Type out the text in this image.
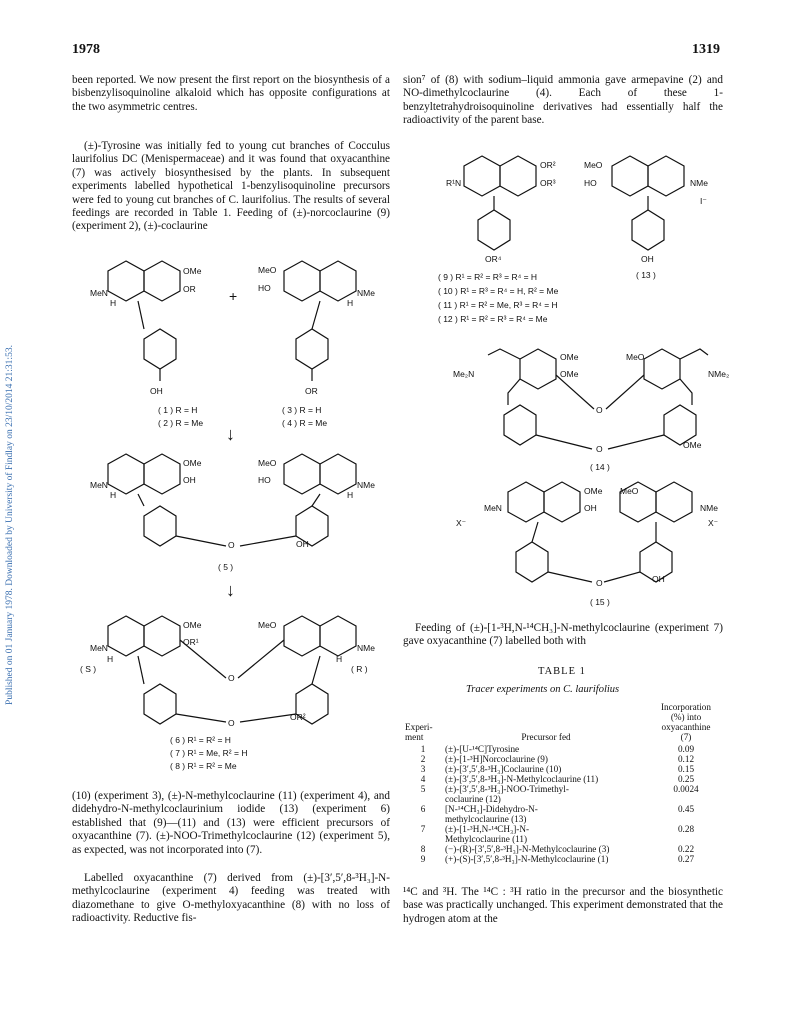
1978	1319
Published on 01 January 1978. Downloaded by University of Findlay on 23/10/2014 21:31:53.

been reported. We now present the first report on the biosynthesis of a bisbenzylisoquinoline alkaloid which has opposite configurations at the two asymmetric centres.

(±)-Tyrosine was initially fed to young cut branches of Cocculus laurifolius DC (Menispermaceae) and it was found that oxyacanthine (7) was actively biosynthesised by the plants. In subsequent experiments labelled hypothetical 1-benzylisoquinoline precursors were fed to young cut branches of C. laurifolius. The results of several feedings are recorded in Table 1. Feeding of (±)-norcoclaurine (9) (experiment 2), (±)-coclaurine

OMe
OR
MeN
H
OH
+
MeO
HO	NMe
H
OR
( 1 ) R = H
( 2 ) R = Me
( 3 ) R = H
( 4 ) R = Me
↓
OMe
OH
MeN
H
MeO
HO	NMe
H
O	OH
( 5 )
↓
OMe
OR¹
MeN
H
( S )
MeO
NMe
H
( R )
O
O
OR²
( 6 ) R¹ = R² = H
( 7 ) R¹ = Me, R² = H
( 8 ) R¹ = R² = Me

(10) (experiment 3), (±)-N-methylcoclaurine (11) (experiment 4), and didehydro-N-methylcoclaurinium iodide (13) (experiment 6) established that (9)—(11) and (13) were efficient precursors of oxyacanthine (7). (±)-NOO-Trimethylcoclaurine (12) (experiment 5), as expected, was not incorporated into (7).

Labelled oxyacanthine (7) derived from (±)-[3′,5′,8-³H₃]-N-methylcoclaurine (experiment 4) feeding was treated with diazomethane to give O-methyloxyacanthine (8) with no loss of radioactivity. Reductive fis-

sion⁷ of (8) with sodium–liquid ammonia gave armepavine (2) and NO-dimethylcoclaurine (4). Each of these 1-benzyltetrahydroisoquinoline derivatives had essentially half the radioactivity of the parent base.

OR²
OR³
R¹N
OR⁴
MeO
HO	NMe
I⁻
OH
( 9 ) R¹ = R² = R³ = R⁴ = H
( 10 ) R¹ = R³ = R⁴ = H, R² = Me
( 11 ) R¹ = R² = Me, R³ = R⁴ = H
( 12 ) R¹ = R² = R³ = R⁴ = Me
( 13 )
OMe
OMe
MeO
Me₂N	NMe₂
O
O	OMe
( 14 )
OMe
OH
MeO
MeN	NMe
X⁻	X⁻
O	OH
( 15 )

Feeding of (±)-[1-³H,N-¹⁴CH₃]-N-methylcoclaurine (experiment 7) gave oxyacanthine (7) labelled both with

TABLE 1
Tracer experiments on C. laurifolius
Experi-
ment	Precursor fed	Incorporation
(%) into
oxyacanthine
(7)

1	(±)-[U-¹⁴C]Tyrosine	0.09
2	(±)-[1-³H]Norcoclaurine (9)	0.12
3	(±)-[3′,5′,8-³H₃]Coclaurine (10)	0.15
4	(±)-[3′,5′,8-³H₃]-N-Methylcoclaurine (11)	0.25
5	(±)-[3′,5′,8-³H₃]-NOO-Trimethyl-
coclaurine (12)	0.0024
6	[N-¹⁴CH₃]-Didehydro-N-
methylcoclaurine (13)	0.45
7	(±)-[1-³H,N-¹⁴CH₃]-N-
Methylcoclaurine (11)	0.28
8	(−)-(R)-[3′,5′,8-³H₃]-N-Methylcoclaurine (3)	0.22
9	(+)-(S)-[3′,5′,8-³H₃]-N-Methylcoclaurine (1)	0.27

¹⁴C and ³H. The ¹⁴C : ³H ratio in the precursor and the biosynthetic base was practically unchanged. This experiment demonstrated that the hydrogen atom at the
